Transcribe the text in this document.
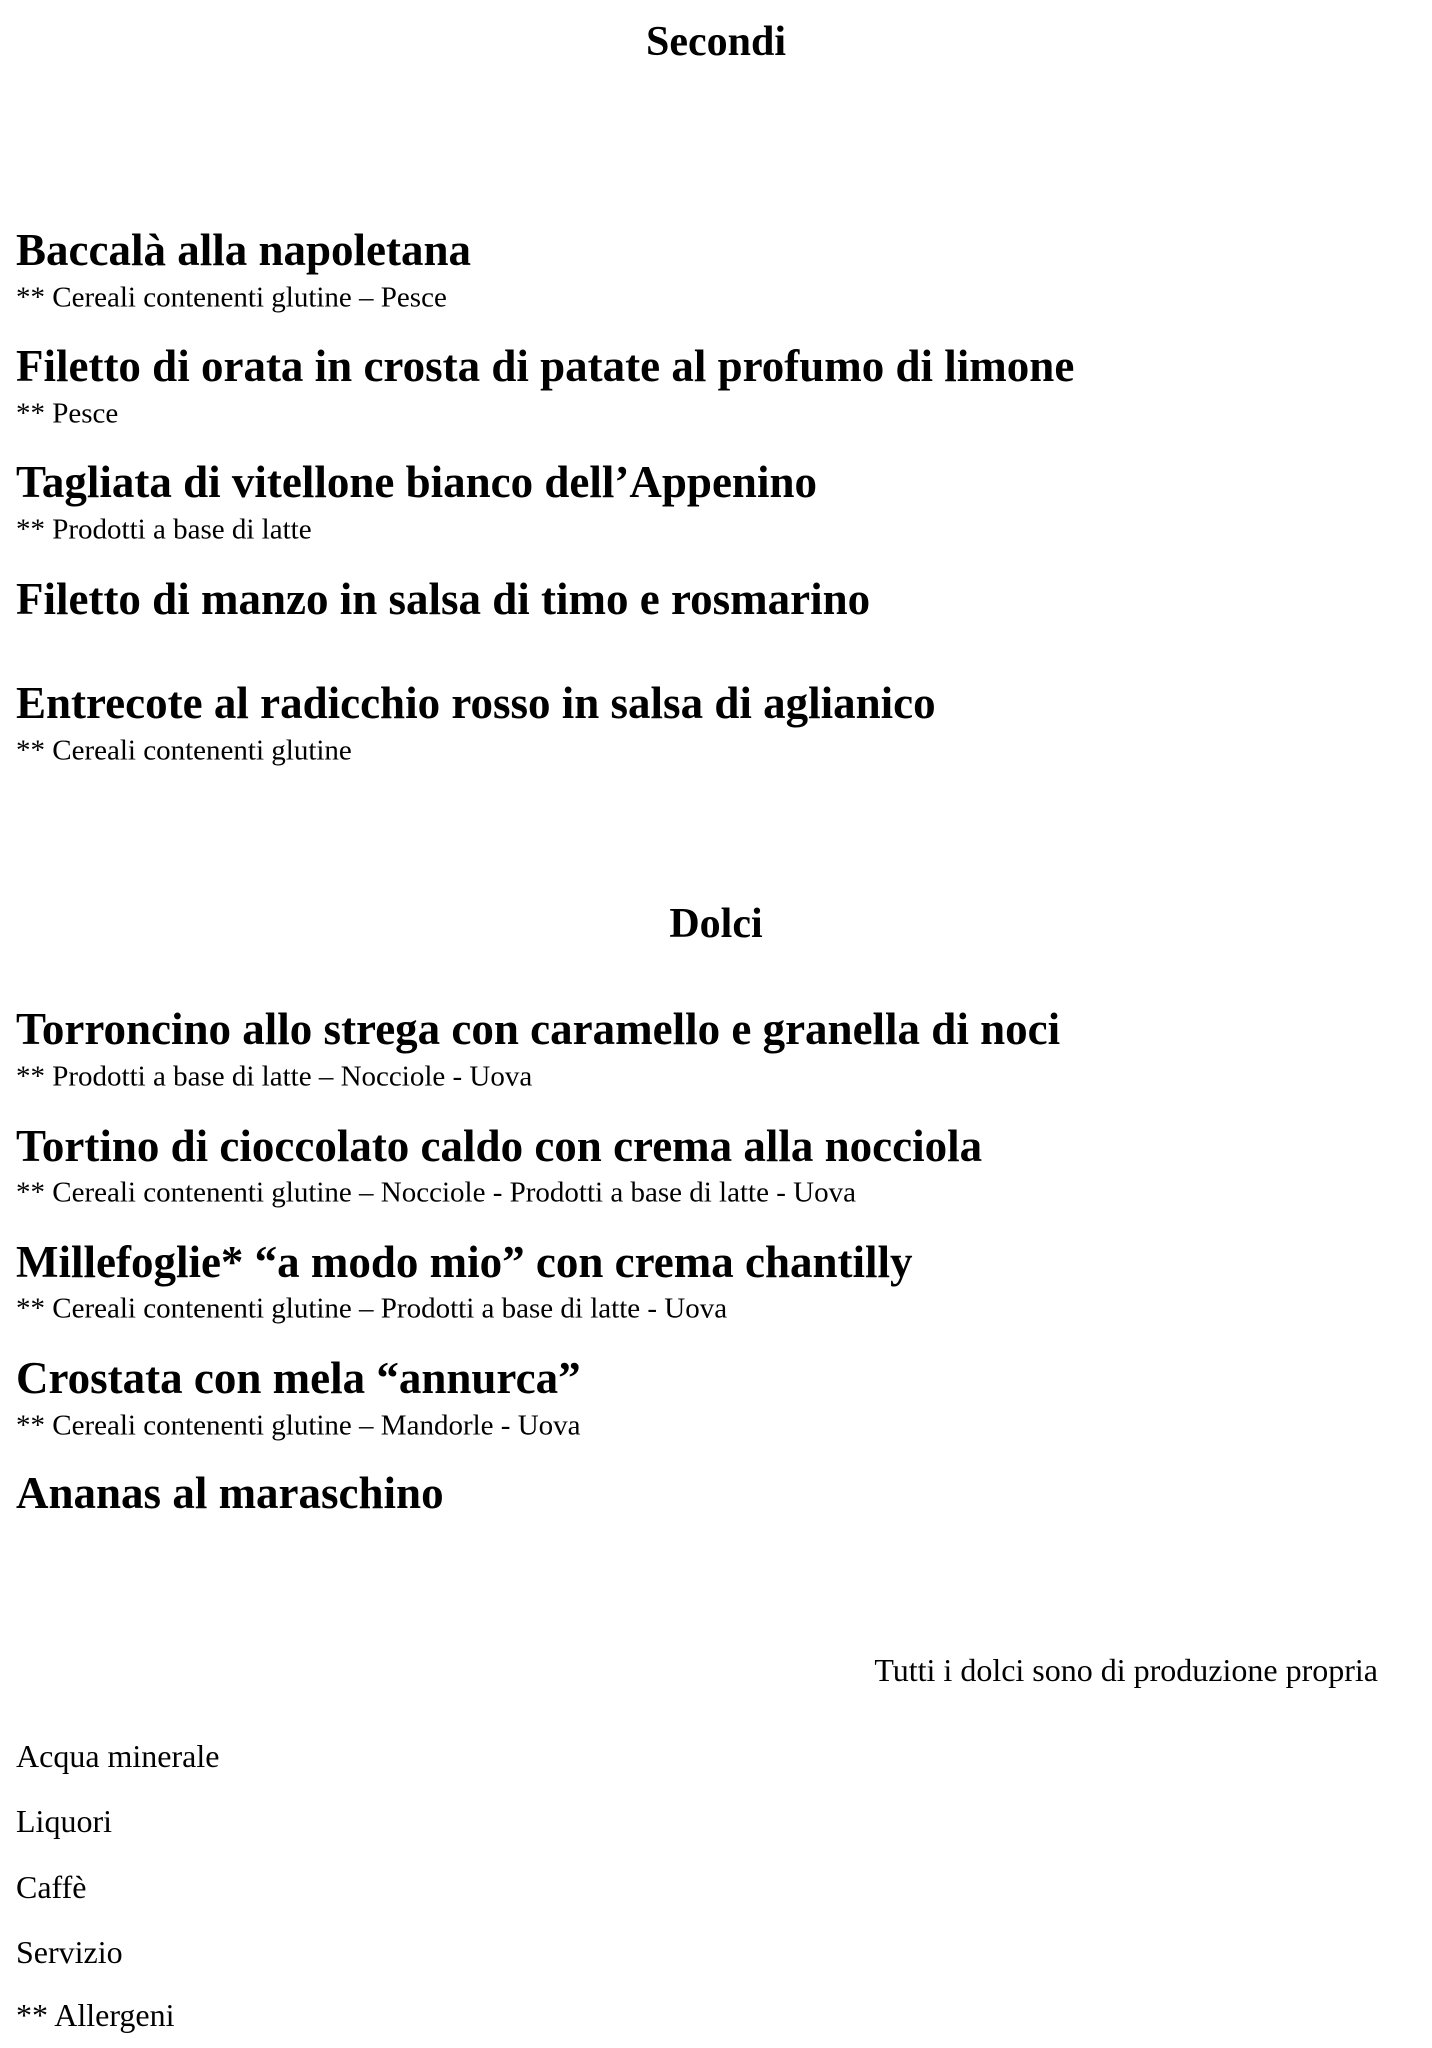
Secondi
Baccalà alla napoletana
** Cereali contenenti glutine – Pesce
Filetto di orata in crosta di patate al profumo di limone
** Pesce
Tagliata di vitellone bianco dell’Appenino
** Prodotti a base di latte
Filetto di manzo in salsa di timo e rosmarino
Entrecote al radicchio rosso in salsa di aglianico
** Cereali contenenti glutine
Dolci
Torroncino allo strega con caramello e granella di noci
** Prodotti a base di latte – Nocciole - Uova
Tortino di cioccolato caldo con crema alla nocciola
** Cereali contenenti glutine – Nocciole - Prodotti a base di latte - Uova
Millefoglie* “a modo mio” con crema chantilly
** Cereali contenenti glutine – Prodotti a base di latte - Uova
Crostata con mela “annurca”
** Cereali contenenti glutine – Mandorle - Uova
Ananas al maraschino
Tutti i dolci sono di produzione propria
Acqua minerale
Liquori
Caffè
Servizio
** Allergeni
